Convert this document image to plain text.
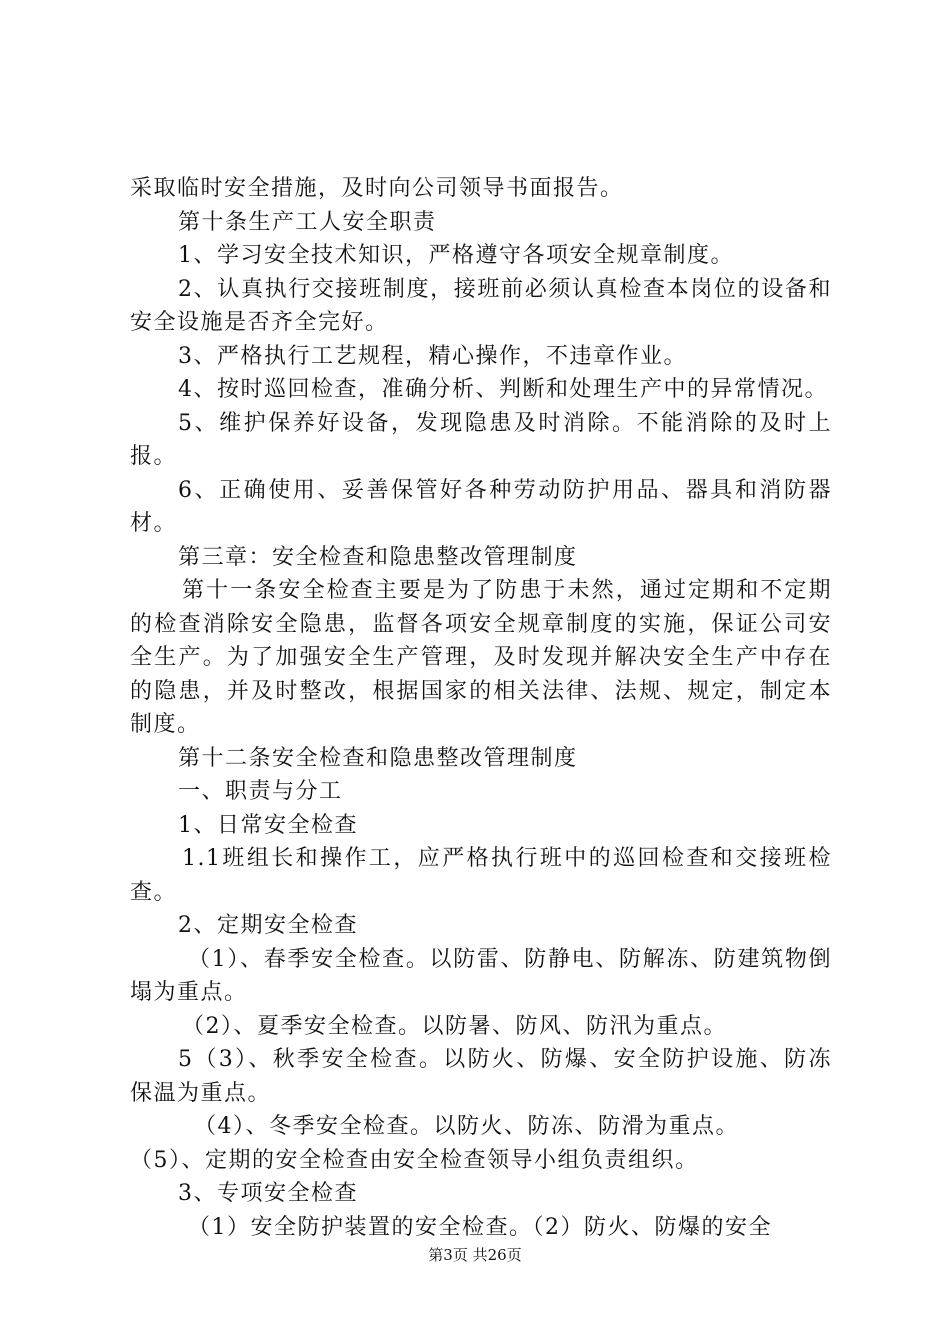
采取临时安全措施，及时向公司领导书面报告。

第十条生产工人安全职责

1、学习安全技术知识，严格遵守各项安全规章制度。

2、认真执行交接班制度，接班前必须认真检查本岗位的设备和安全设施是否齐全完好。

3、严格执行工艺规程，精心操作，不违章作业。

4、按时巡回检查，准确分析、判断和处理生产中的异常情况。

5、维护保养好设备，发现隐患及时消除。不能消除的及时上报。

6、正确使用、妥善保管好各种劳动防护用品、器具和消防器材。

第三章：安全检查和隐患整改管理制度

第十一条安全检查主要是为了防患于未然，通过定期和不定期的检查消除安全隐患，监督各项安全规章制度的实施，保证公司安全生产。为了加强安全生产管理，及时发现并解决安全生产中存在的隐患，并及时整改，根据国家的相关法律、法规、规定，制定本制度。

第十二条安全检查和隐患整改管理制度

一、职责与分工

1、日常安全检查

1.1班组长和操作工，应严格执行班中的巡回检查和交接班检查。

2、定期安全检查

（1）、春季安全检查。以防雷、防静电、防解冻、防建筑物倒塌为重点。

（2）、夏季安全检查。以防暑、防风、防汛为重点。

5（3）、秋季安全检查。以防火、防爆、安全防护设施、防冻保温为重点。

（4）、冬季安全检查。以防火、防冻、防滑为重点。

（5）、定期的安全检查由安全检查领导小组负责组织。

3、专项安全检查

（1）安全防护装置的安全检查。（2）防火、防爆的安全

第3页 共26页
